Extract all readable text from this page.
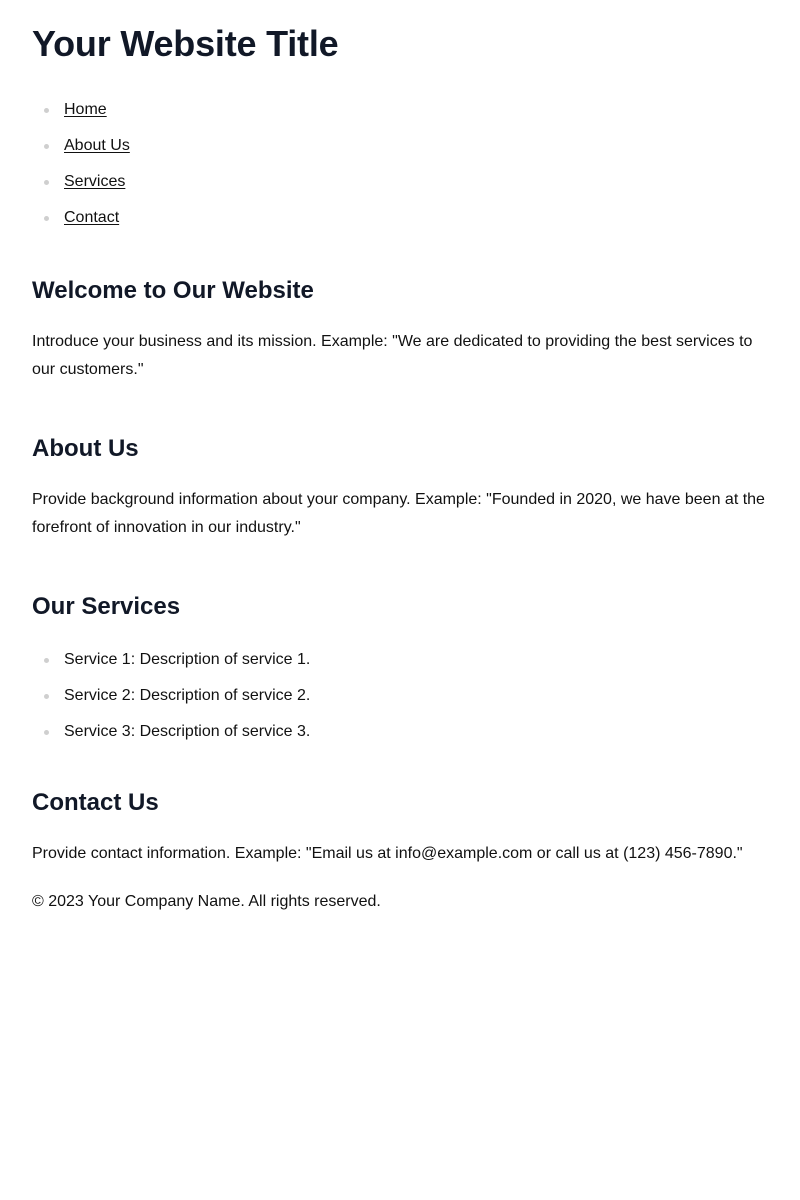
Your Website Title
Home
About Us
Services
Contact
Welcome to Our Website

Introduce your business and its mission. Example: "We are dedicated to providing the best services to our customers."

About Us

Provide background information about your company. Example: "Founded in 2020, we have been at the forefront of innovation in our industry."

Our Services
Service 1: Description of service 1.
Service 2: Description of service 2.
Service 3: Description of service 3.
Contact Us

Provide contact information. Example: "Email us at info@example.com or call us at (123) 456-7890."

© 2023 Your Company Name. All rights reserved.
